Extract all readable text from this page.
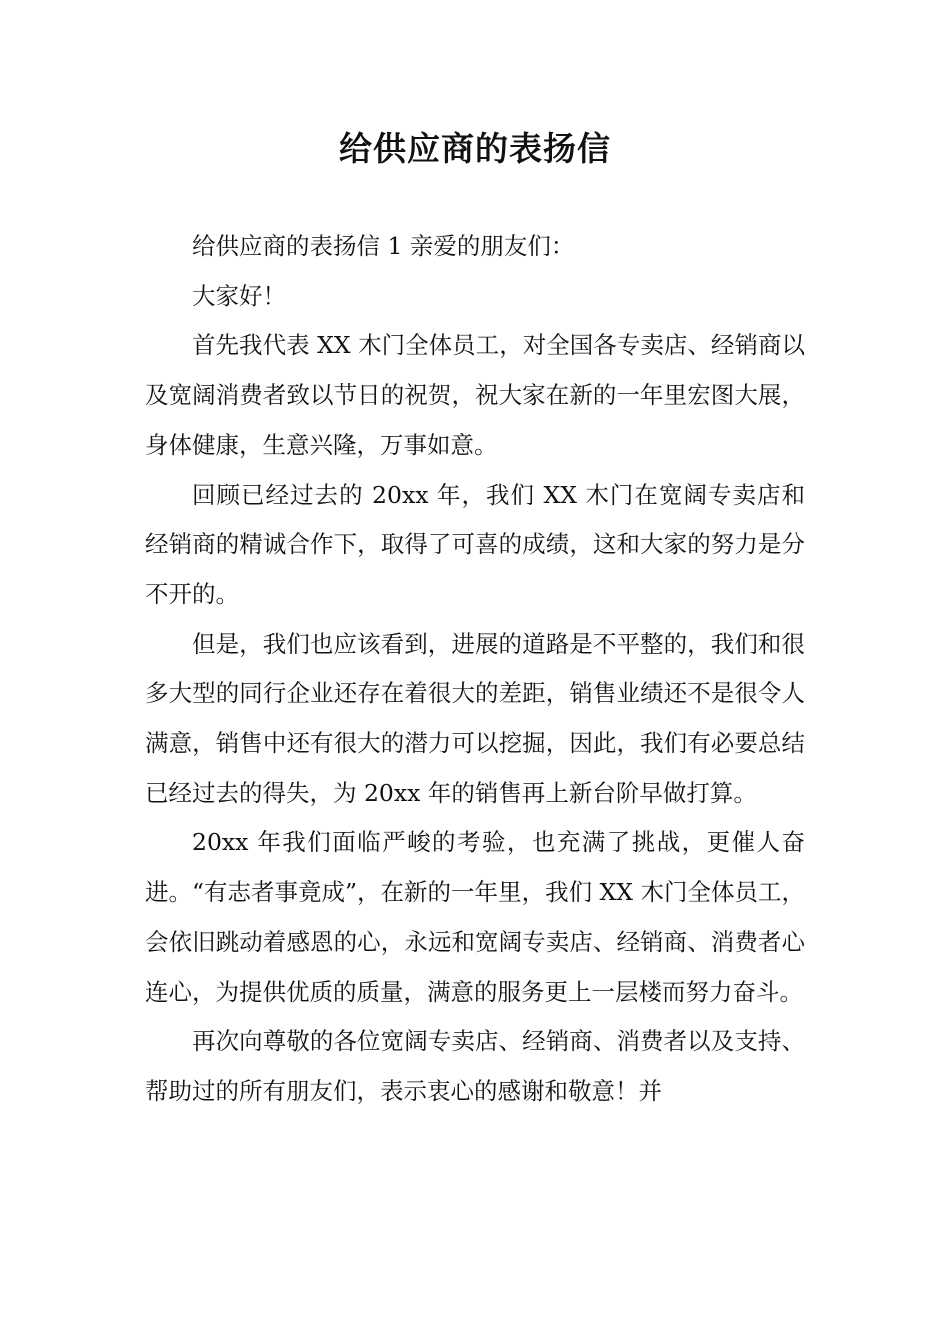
给供应商的表扬信

给供应商的表扬信 1 亲爱的朋友们：

大家好！

首先我代表 XX 木门全体员工，对全国各专卖店、经销商以及宽阔消费者致以节日的祝贺，祝大家在新的一年里宏图大展，身体健康，生意兴隆，万事如意。

回顾已经过去的 20xx 年，我们 XX 木门在宽阔专卖店和经销商的精诚合作下，取得了可喜的成绩，这和大家的努力是分不开的。

但是，我们也应该看到，进展的道路是不平整的，我们和很多大型的同行企业还存在着很大的差距，销售业绩还不是很令人满意，销售中还有很大的潜力可以挖掘，因此，我们有必要总结已经过去的得失，为 20xx 年的销售再上新台阶早做打算。

20xx 年我们面临严峻的考验，也充满了挑战，更催人奋进。“有志者事竟成”，在新的一年里，我们 XX 木门全体员工，会依旧跳动着感恩的心，永远和宽阔专卖店、经销商、消费者心连心，为提供优质的质量，满意的服务更上一层楼而努力奋斗。

再次向尊敬的各位宽阔专卖店、经销商、消费者以及支持、帮助过的所有朋友们，表示衷心的感谢和敬意！并
